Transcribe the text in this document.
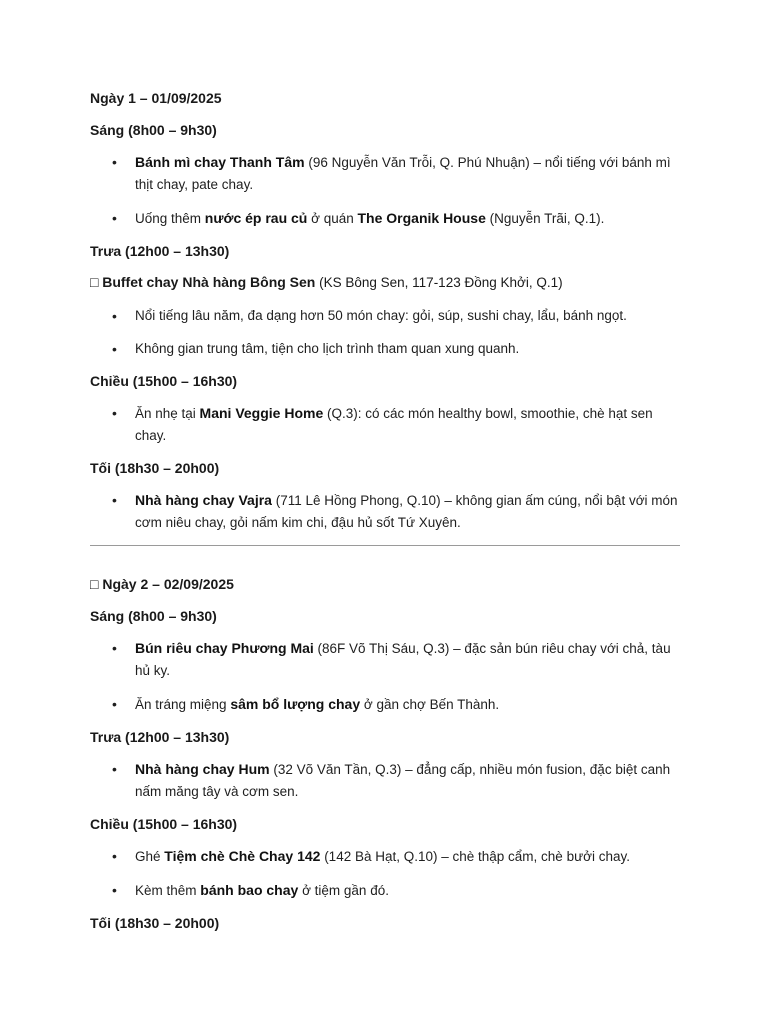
Ngày 1 – 01/09/2025

Sáng (8h00 – 9h30)

• Bánh mì chay Thanh Tâm (96 Nguyễn Văn Trỗi, Q. Phú Nhuận) – nổi tiếng với bánh mì thịt chay, pate chay.
• Uống thêm nước ép rau củ ở quán The Organik House (Nguyễn Trãi, Q.1).

Trưa (12h00 – 13h30)

□ Buffet chay Nhà hàng Bông Sen (KS Bông Sen, 117-123 Đồng Khởi, Q.1)

• Nổi tiếng lâu năm, đa dạng hơn 50 món chay: gỏi, súp, sushi chay, lẩu, bánh ngọt.
• Không gian trung tâm, tiện cho lịch trình tham quan xung quanh.

Chiều (15h00 – 16h30)

• Ăn nhẹ tại Mani Veggie Home (Q.3): có các món healthy bowl, smoothie, chè hạt sen chay.

Tối (18h30 – 20h00)

• Nhà hàng chay Vajra (711 Lê Hồng Phong, Q.10) – không gian ấm cúng, nổi bật với món cơm niêu chay, gỏi nấm kim chi, đậu hủ sốt Tứ Xuyên.

□ Ngày 2 – 02/09/2025

Sáng (8h00 – 9h30)

• Bún riêu chay Phương Mai (86F Võ Thị Sáu, Q.3) – đặc sản bún riêu chay với chả, tàu hủ ky.
• Ăn tráng miệng sâm bổ lượng chay ở gần chợ Bến Thành.

Trưa (12h00 – 13h30)

• Nhà hàng chay Hum (32 Võ Văn Tần, Q.3) – đẳng cấp, nhiều món fusion, đặc biệt canh nấm măng tây và cơm sen.

Chiều (15h00 – 16h30)

• Ghé Tiệm chè Chè Chay 142 (142 Bà Hạt, Q.10) – chè thập cẩm, chè bưởi chay.
• Kèm thêm bánh bao chay ở tiệm gần đó.

Tối (18h30 – 20h00)
